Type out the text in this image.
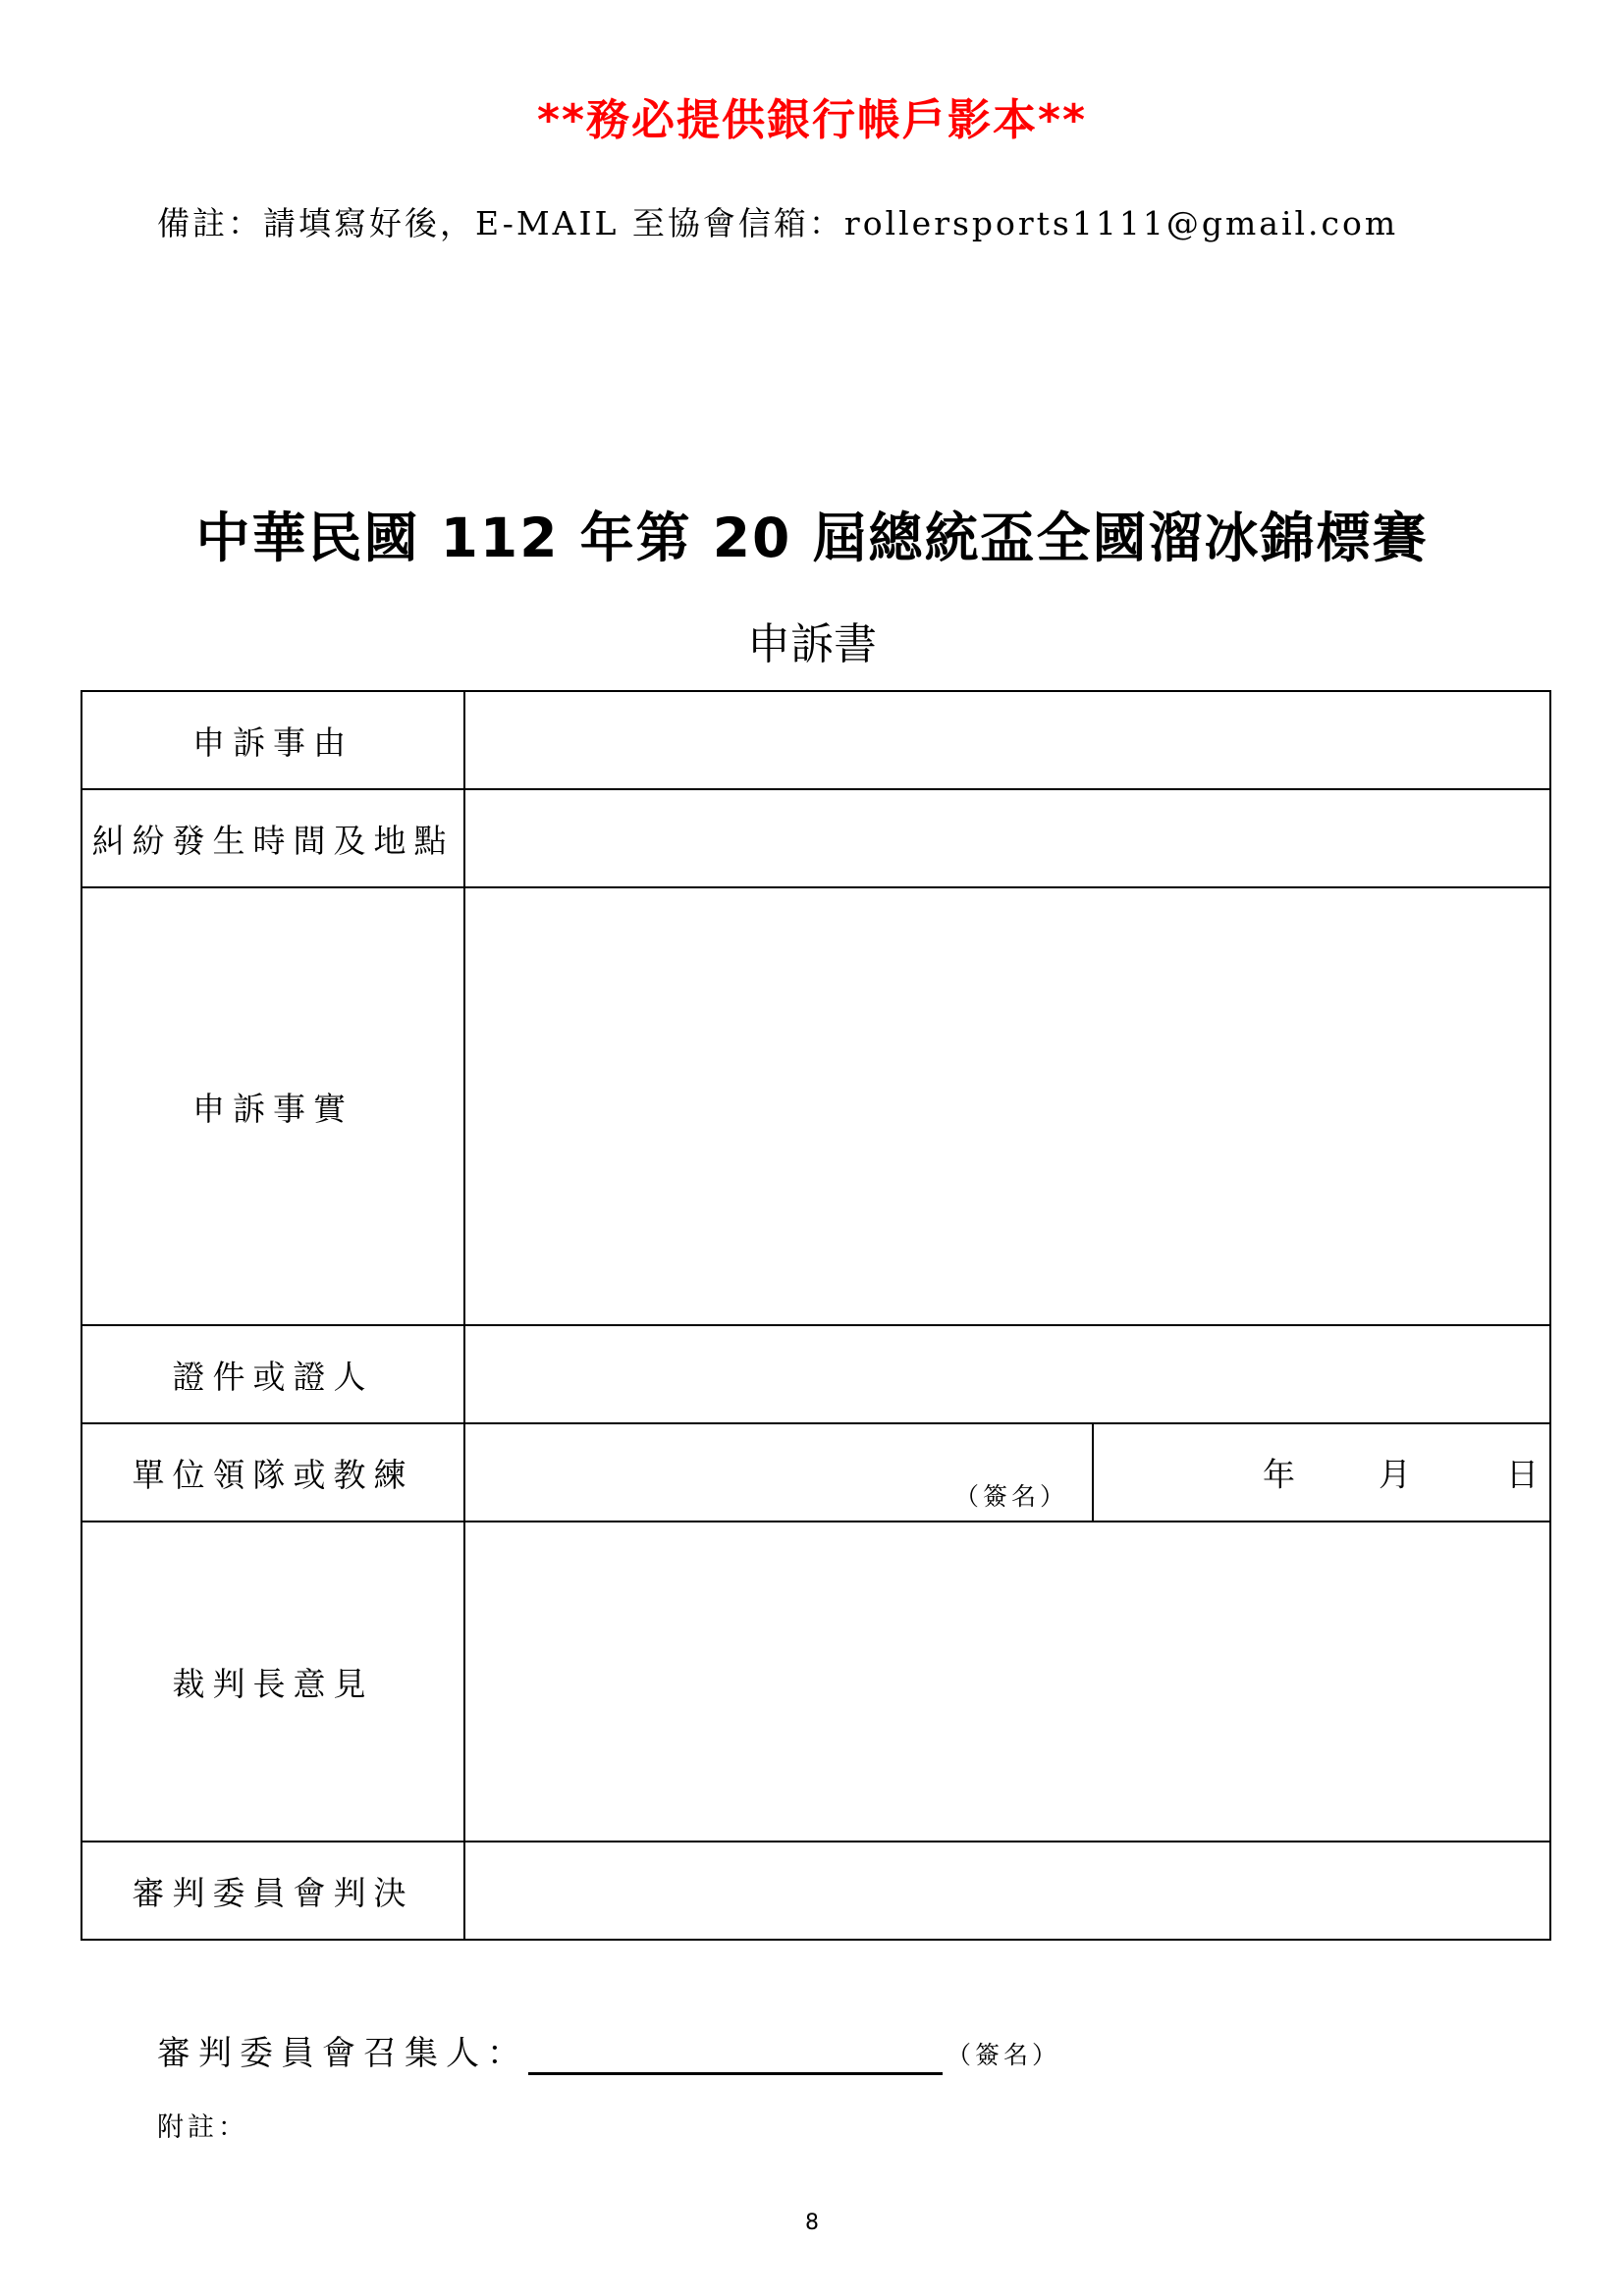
**務必提供銀行帳戶影本**
備註：請填寫好後，E-MAIL 至協會信箱：rollersports1111@gmail.com
中華民國 112 年第 20 屆總統盃全國溜冰錦標賽
申訴書
申訴事由		
糾紛發生時間及地點		
申訴事實		
證件或證人		
單位領隊或教練	（簽名）	年 月 日

裁判長意見		
審判委員會判決		
審判委員會召集人：	（簽名）
附註：
8
